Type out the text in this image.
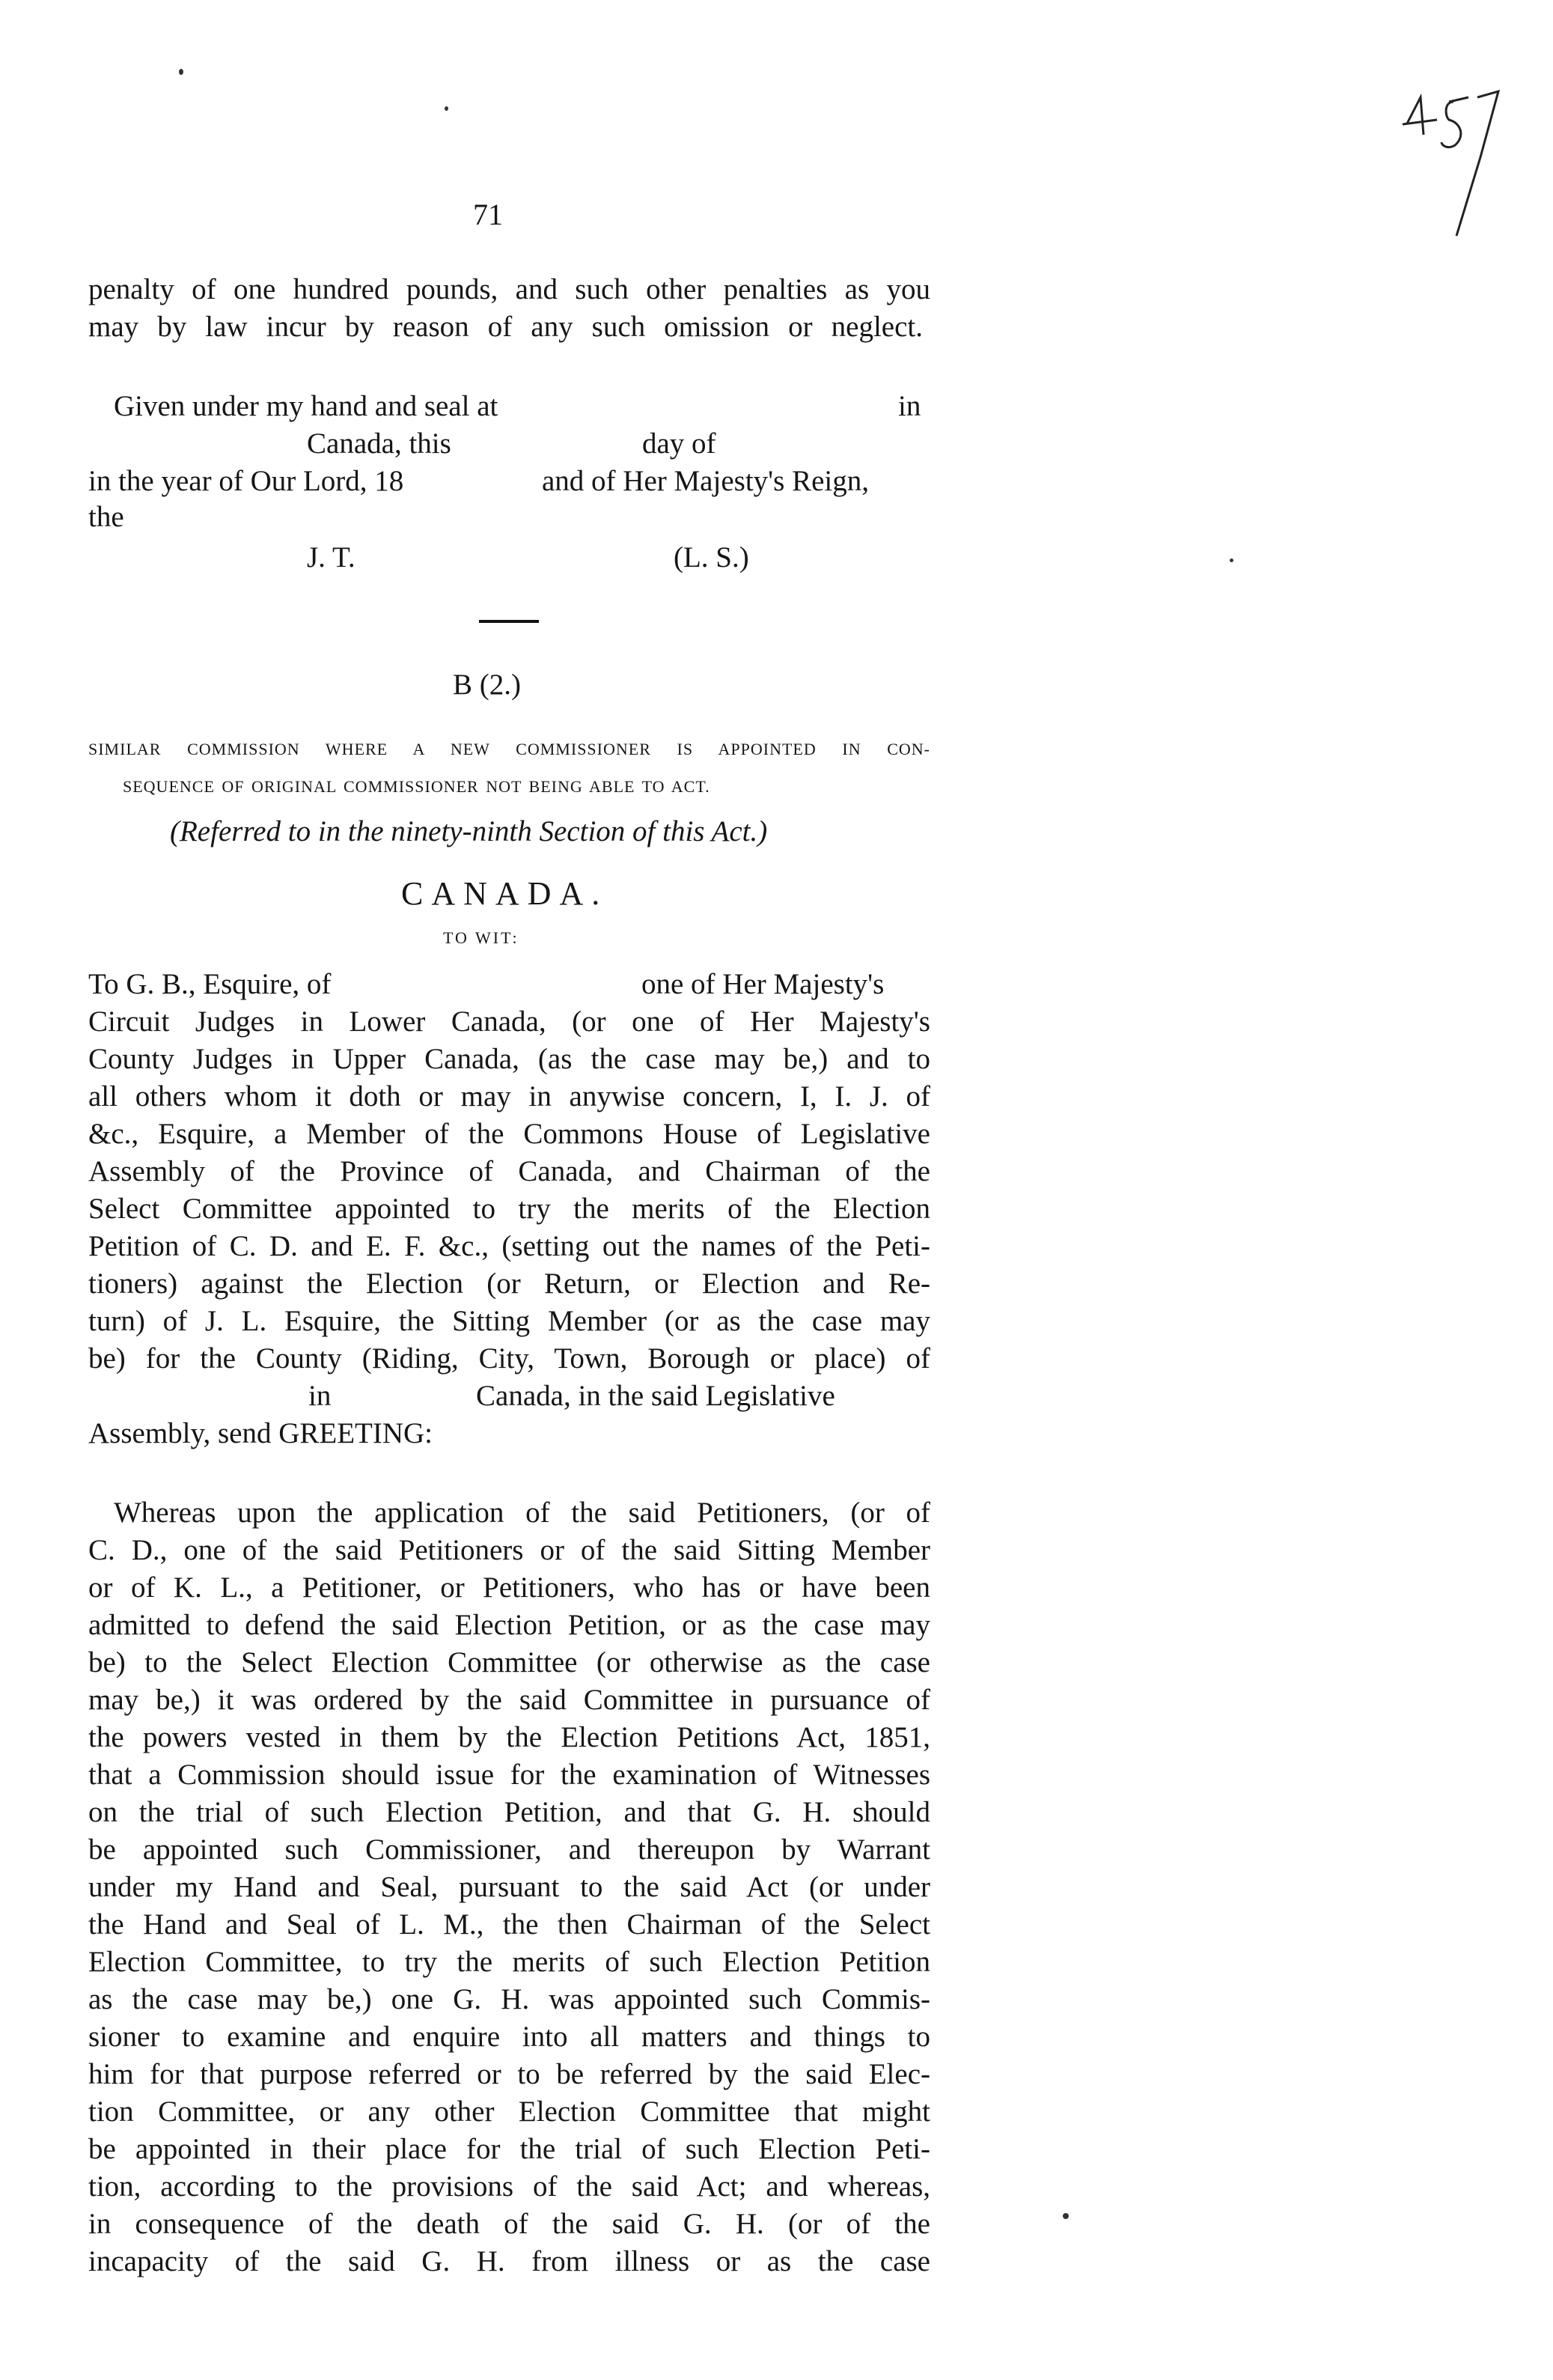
71
penalty of one hundred pounds, and such other penalties as you
may by law incur by reason of any such omission or neglect.
Given under my hand and seal at	in
Canada, this	day of
in the year of Our Lord, 18	and of Her Majesty's Reign,
the
J. T.	(L. S.)
B (2.)
SIMILAR COMMISSION WHERE A NEW COMMISSIONER IS APPOINTED IN CON-
SEQUENCE OF ORIGINAL COMMISSIONER NOT BEING ABLE TO ACT.
(Referred to in the ninety-ninth Section of this Act.)
CANADA.
TO WIT:
To G. B., Esquire, of	one of Her Majesty's
Circuit Judges in Lower Canada, (or one of Her Majesty's
County Judges in Upper Canada, (as the case may be,) and to
all others whom it doth or may in anywise concern, I, I. J. of
&c., Esquire, a Member of the Commons House of Legislative
Assembly of the Province of Canada, and Chairman of the
Select Committee appointed to try the merits of the Election
Petition of C. D. and E. F. &c., (setting out the names of the Peti-
tioners) against the Election (or Return, or Election and Re-
turn) of J. L. Esquire, the Sitting Member (or as the case may
be) for the County (Riding, City, Town, Borough or place) of
in	Canada, in the said Legislative
Assembly, send GREETING:
Whereas upon the application of the said Petitioners, (or of
C. D., one of the said Petitioners or of the said Sitting Member
or of K. L., a Petitioner, or Petitioners, who has or have been
admitted to defend the said Election Petition, or as the case may
be) to the Select Election Committee (or otherwise as the case
may be,) it was ordered by the said Committee in pursuance of
the powers vested in them by the Election Petitions Act, 1851,
that a Commission should issue for the examination of Witnesses
on the trial of such Election Petition, and that G. H. should
be appointed such Commissioner, and thereupon by Warrant
under my Hand and Seal, pursuant to the said Act (or under
the Hand and Seal of L. M., the then Chairman of the Select
Election Committee, to try the merits of such Election Petition
as the case may be,) one G. H. was appointed such Commis-
sioner to examine and enquire into all matters and things to
him for that purpose referred or to be referred by the said Elec-
tion Committee, or any other Election Committee that might
be appointed in their place for the trial of such Election Peti-
tion, according to the provisions of the said Act; and whereas,
in consequence of the death of the said G. H. (or of the
incapacity of the said G. H. from illness or as the case
